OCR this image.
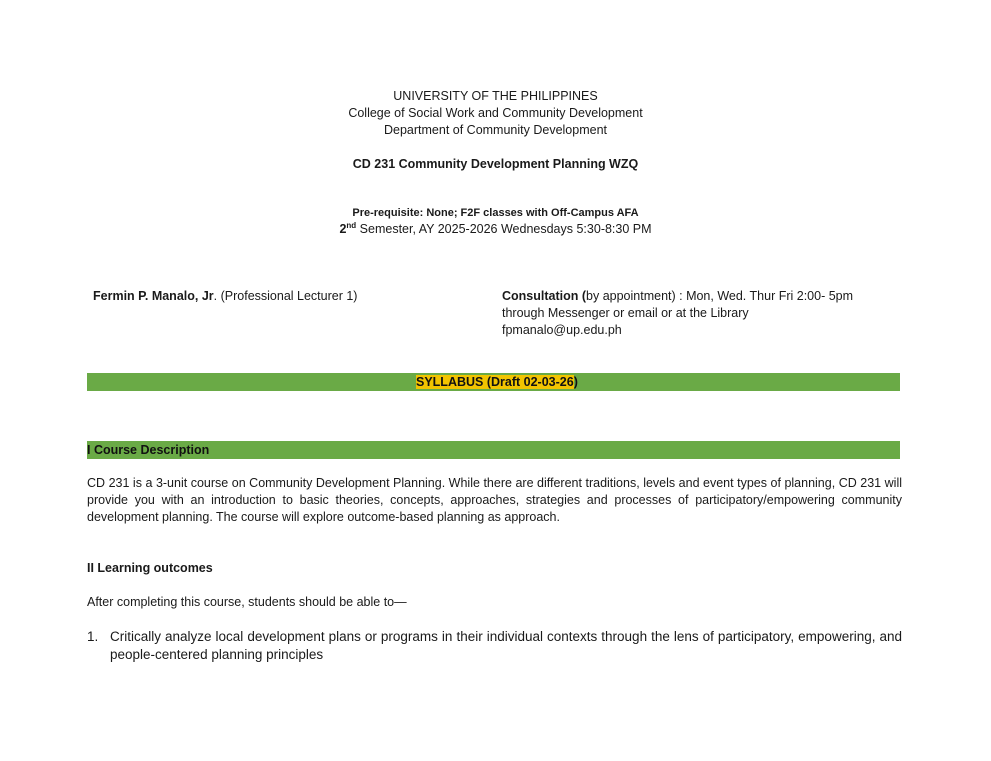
UNIVERSITY OF THE PHILIPPINES
College of Social Work and Community Development
Department of Community Development
CD 231 Community Development Planning WZQ
Pre-requisite: None; F2F classes with Off-Campus AFA
2nd Semester, AY 2025-2026 Wednesdays 5:30-8:30 PM
Fermin P. Manalo, Jr. (Professional Lecturer 1)	Consultation (by appointment) : Mon, Wed. Thur Fri 2:00- 5pm
through Messenger or email or at the Library
fpmanalo@up.edu.ph
SYLLABUS (Draft 02-03-26)
I Course Description
CD 231 is a 3-unit course on Community Development Planning. While there are different traditions, levels and event types of planning, CD 231 will provide you with an introduction to basic theories, concepts, approaches, strategies and processes of participatory/empowering community development planning. The course will explore outcome-based planning as approach.
II Learning outcomes
After completing this course, students should be able to—
1. Critically analyze local development plans or programs in their individual contexts through the lens of participatory, empowering, and people-centered planning principles
